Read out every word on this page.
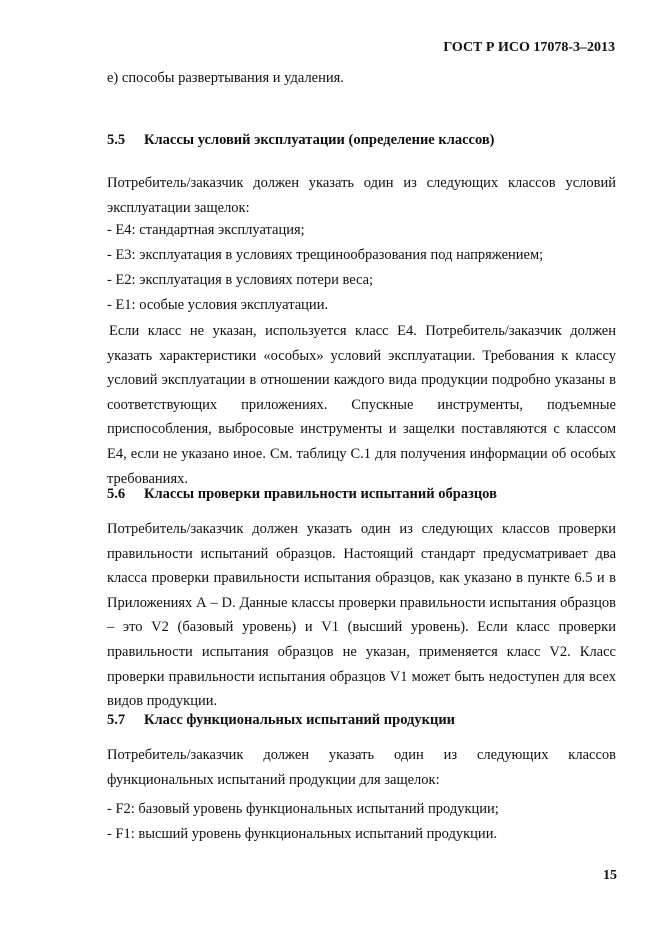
ГОСТ Р ИСО 17078-3–2013
е) способы развертывания и удаления.
5.5 Классы условий эксплуатации (определение классов)
Потребитель/заказчик должен указать один из следующих классов условий эксплуатации защелок:
- E4: стандартная эксплуатация;
- E3: эксплуатация в условиях трещинообразования под напряжением;
- E2: эксплуатация в условиях потери веса;
- E1: особые условия эксплуатации.
Если класс не указан, используется класс E4. Потребитель/заказчик должен указать характеристики «особых» условий эксплуатации. Требования к классу условий эксплуатации в отношении каждого вида продукции подробно указаны в соответствующих приложениях. Спускные инструменты, подъемные приспособления, выбросовые инструменты и защелки поставляются с классом E4, если не указано иное. См. таблицу С.1 для получения информации об особых требованиях.
5.6 Классы проверки правильности испытаний образцов
Потребитель/заказчик должен указать один из следующих классов проверки правильности испытаний образцов. Настоящий стандарт предусматривает два класса проверки правильности испытания образцов, как указано в пункте 6.5 и в Приложениях А – D. Данные классы проверки правильности испытания образцов – это V2 (базовый уровень) и V1 (высший уровень). Если класс проверки правильности испытания образцов не указан, применяется класс V2. Класс проверки правильности испытания образцов V1 может быть недоступен для всех видов продукции.
5.7 Класс функциональных испытаний продукции
Потребитель/заказчик должен указать один из следующих классов функциональных испытаний продукции для защелок:
- F2: базовый уровень функциональных испытаний продукции;
- F1: высший уровень функциональных испытаний продукции.
15
